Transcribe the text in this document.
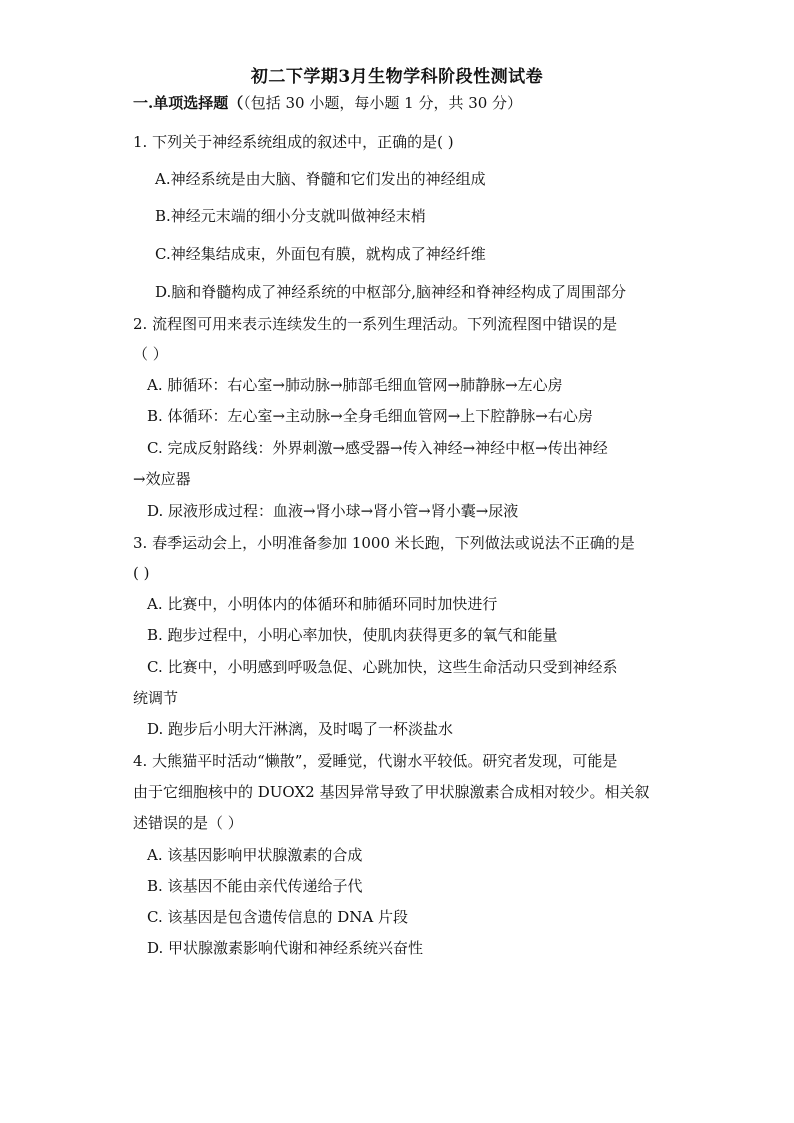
初二下学期3月生物学科阶段性测试卷
一.单项选择题（（包括 30 小题，每小题 1 分，共 30 分）
1. 下列关于神经系统组成的叙述中，正确的是( )
A.神经系统是由大脑、脊髓和它们发出的神经组成
B.神经元末端的细小分支就叫做神经末梢
C.神经集结成束，外面包有膜，就构成了神经纤维
D.脑和脊髓构成了神经系统的中枢部分,脑神经和脊神经构成了周围部分
2. 流程图可用来表示连续发生的一系列生理活动。下列流程图中错误的是
（ ）
A. 肺循环：右心室→肺动脉→肺部毛细血管网→肺静脉→左心房
B. 体循环：左心室→主动脉→全身毛细血管网→上下腔静脉→右心房
C. 完成反射路线：外界刺激→感受器→传入神经→神经中枢→传出神经
→效应器
D. 尿液形成过程：血液→肾小球→肾小管→肾小囊→尿液
3. 春季运动会上，小明准备参加 1000 米长跑，下列做法或说法不正确的是
( )
A. 比赛中，小明体内的体循环和肺循环同时加快进行
B. 跑步过程中，小明心率加快，使肌肉获得更多的氧气和能量
C. 比赛中，小明感到呼吸急促、心跳加快，这些生命活动只受到神经系
统调节
D. 跑步后小明大汗淋漓，及时喝了一杯淡盐水
4. 大熊猫平时活动“懒散”，爱睡觉，代谢水平较低。研究者发现，可能是
由于它细胞核中的 DUOX2 基因异常导致了甲状腺激素合成相对较少。相关叙
述错误的是（ ）
A. 该基因影响甲状腺激素的合成
B. 该基因不能由亲代传递给子代
C. 该基因是包含遗传信息的 DNA 片段
D. 甲状腺激素影响代谢和神经系统兴奋性
